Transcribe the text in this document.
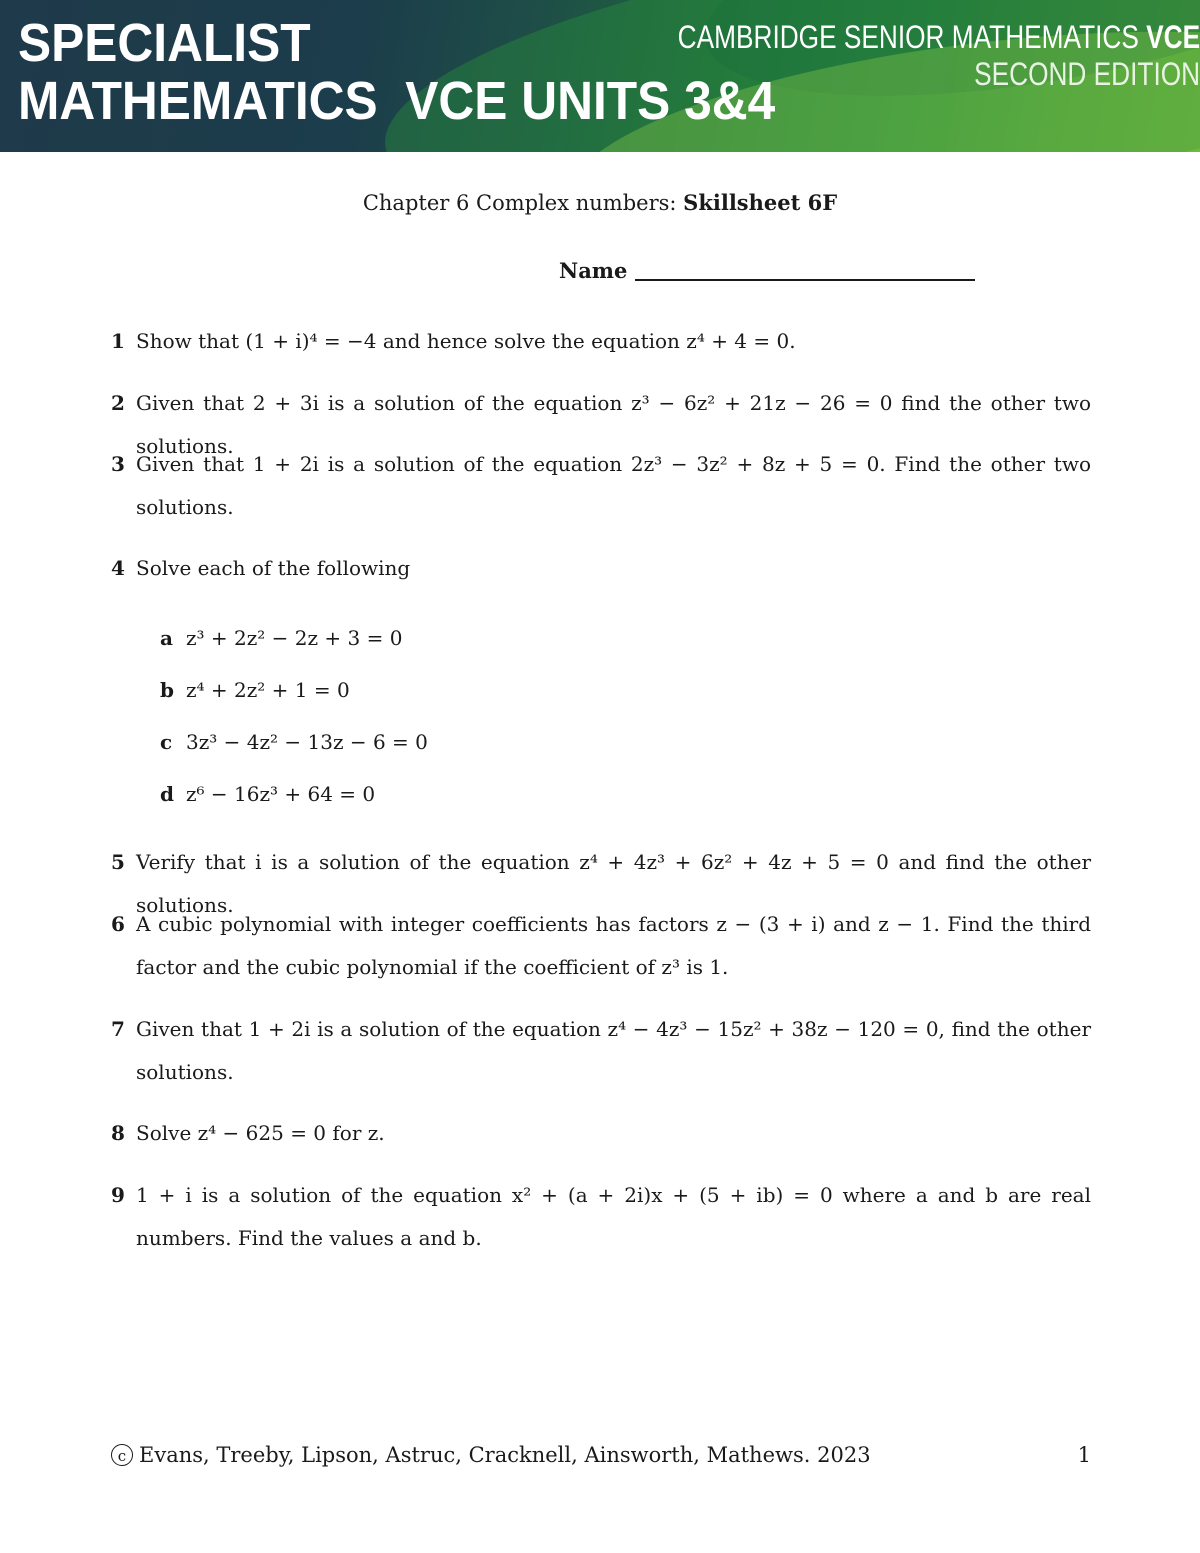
SPECIALIST
MATHEMATICS  VCE UNITS 3&4
CAMBRIDGE SENIOR MATHEMATICS VCE
SECOND EDITION
Chapter 6 Complex numbers: Skillsheet 6F
Name
1 Show that (1 + i)⁴ = −4 and hence solve the equation z⁴ + 4 = 0.
2 Given that 2 + 3i is a solution of the equation z³ − 6z² + 21z − 26 = 0 find the other two solutions.
3 Given that 1 + 2i is a solution of the equation 2z³ − 3z² + 8z + 5 = 0. Find the other two solutions.
4 Solve each of the following
a z³ + 2z² − 2z + 3 = 0
b z⁴ + 2z² + 1 = 0
c 3z³ − 4z² − 13z − 6 = 0
d z⁶ − 16z³ + 64 = 0
5 Verify that i is a solution of the equation z⁴ + 4z³ + 6z² + 4z + 5 = 0 and find the other solutions.
6 A cubic polynomial with integer coefficients has factors z − (3 + i) and z − 1. Find the third factor and the cubic polynomial if the coefficient of z³ is 1.
7 Given that 1 + 2i is a solution of the equation z⁴ − 4z³ − 15z² + 38z − 120 = 0, find the other solutions.
8 Solve z⁴ − 625 = 0 for z.
9 1 + i is a solution of the equation x² + (a + 2i)x + (5 + ib) = 0 where a and b are real numbers. Find the values a and b.
c Evans, Treeby, Lipson, Astruc, Cracknell, Ainsworth, Mathews. 2023	1
